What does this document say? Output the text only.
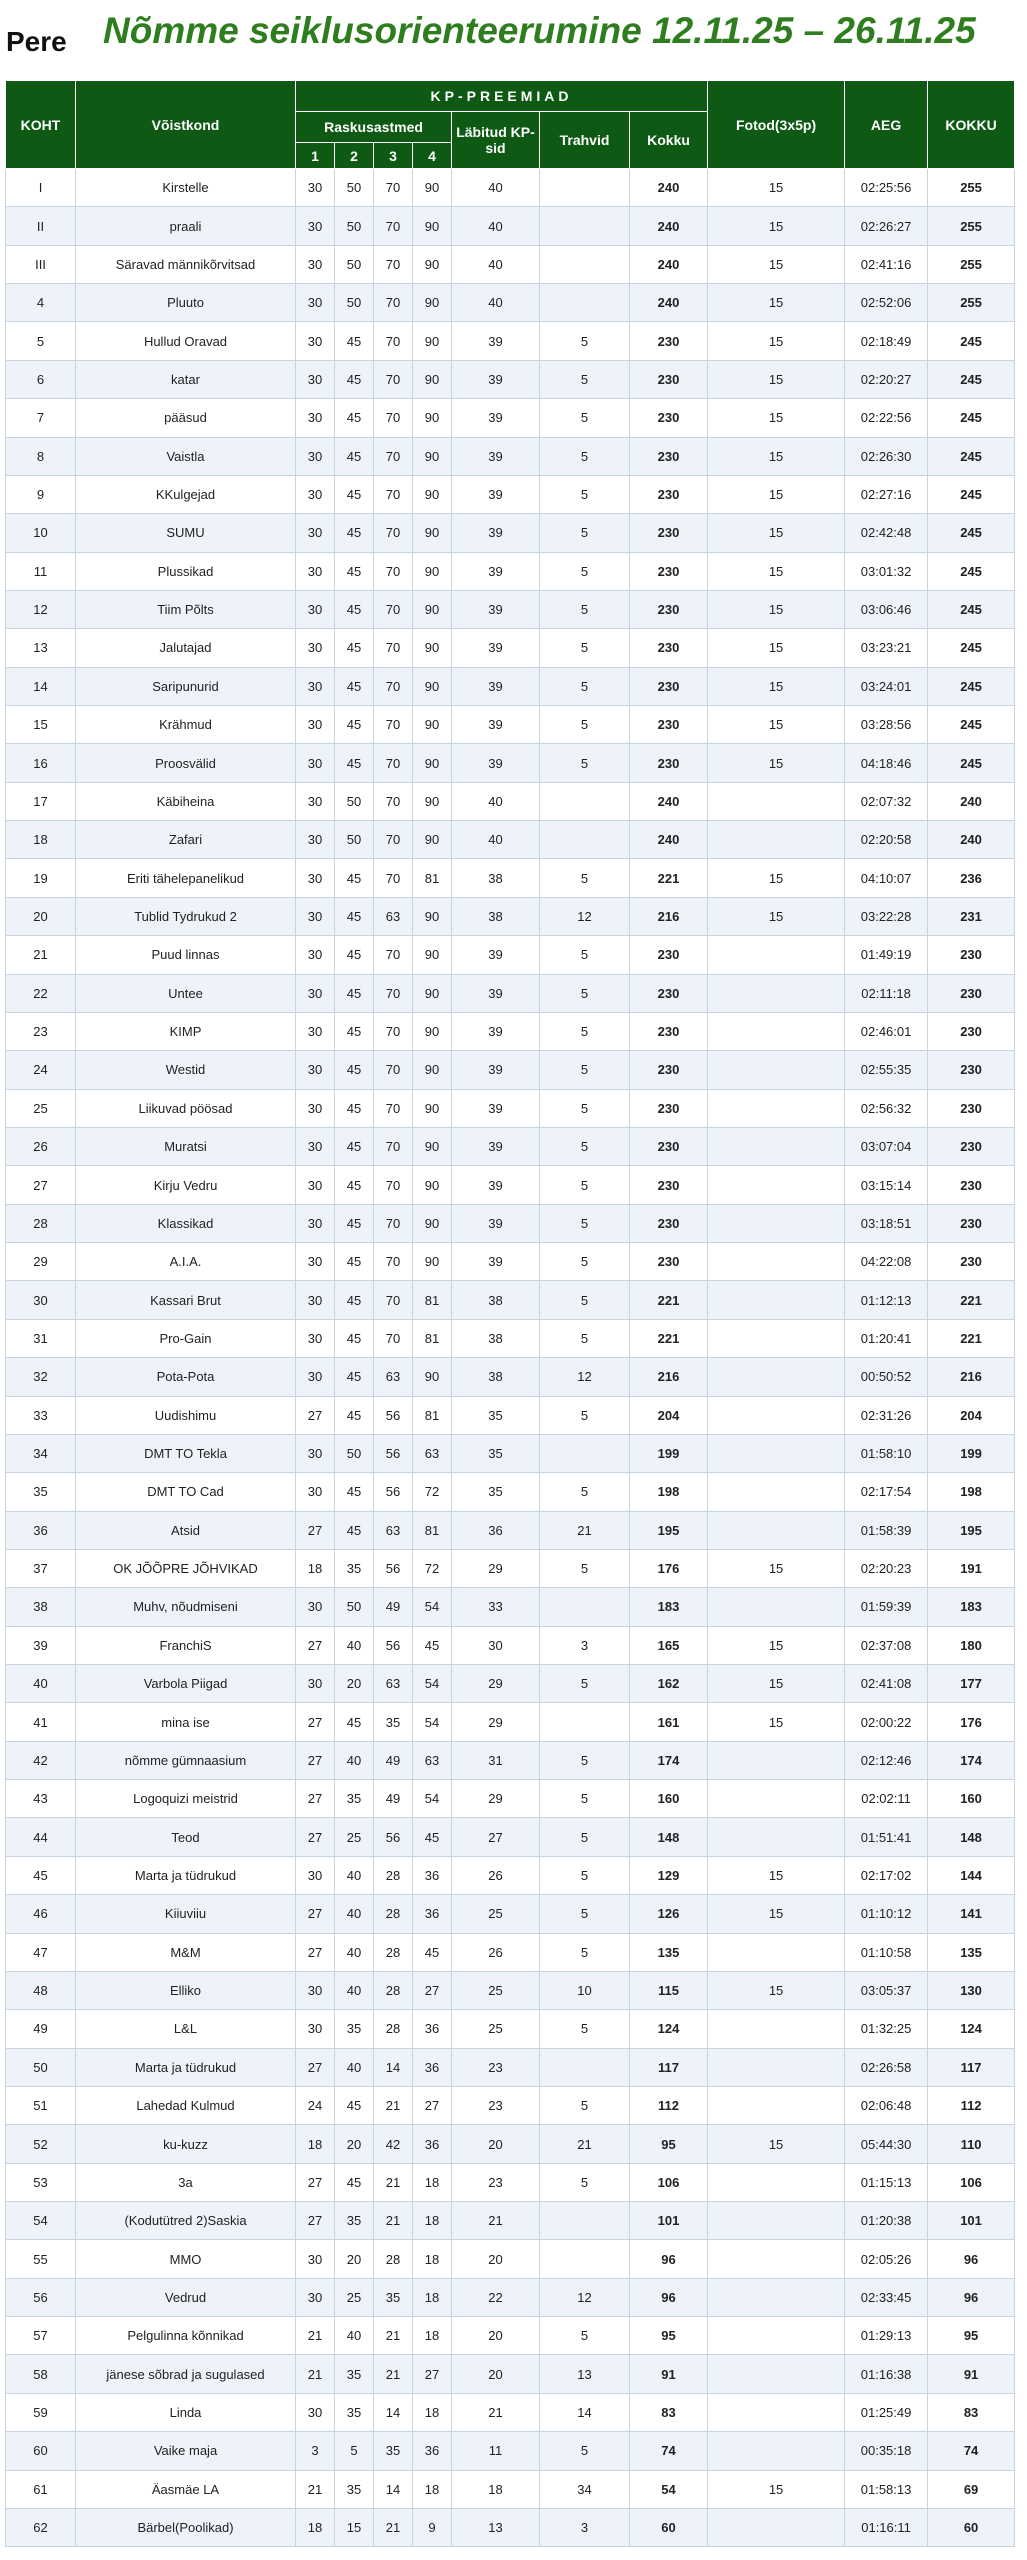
Pere Nõmme seiklusorienteerumine 12.11.25 – 26.11.25
KOHT	Võistkond	KP-PREEMIAD							Fotod(3x5p)	AEG	KOKKU
		Raskusastmed				Läbitud KP-sid	Trahvid	Kokku			
		1	2	3	4						
I	Kirstelle	30	50	70	90	40		240	15	02:25:56	255
II	praali	30	50	70	90	40		240	15	02:26:27	255
III	Säravad männikõrvitsad	30	50	70	90	40		240	15	02:41:16	255
4	Pluuto	30	50	70	90	40		240	15	02:52:06	255
5	Hullud Oravad	30	45	70	90	39	5	230	15	02:18:49	245
6	katar	30	45	70	90	39	5	230	15	02:20:27	245
7	pääsud	30	45	70	90	39	5	230	15	02:22:56	245
8	Vaistla	30	45	70	90	39	5	230	15	02:26:30	245
9	KKulgejad	30	45	70	90	39	5	230	15	02:27:16	245
10	SUMU	30	45	70	90	39	5	230	15	02:42:48	245
11	Plussikad	30	45	70	90	39	5	230	15	03:01:32	245
12	Tiim Põlts	30	45	70	90	39	5	230	15	03:06:46	245
13	Jalutajad	30	45	70	90	39	5	230	15	03:23:21	245
14	Saripunurid	30	45	70	90	39	5	230	15	03:24:01	245
15	Krähmud	30	45	70	90	39	5	230	15	03:28:56	245
16	Proosvälid	30	45	70	90	39	5	230	15	04:18:46	245
17	Käbiheina	30	50	70	90	40		240		02:07:32	240
18	Zafari	30	50	70	90	40		240		02:20:58	240
19	Eriti tähelepanelikud	30	45	70	81	38	5	221	15	04:10:07	236
20	Tublid Tydrukud 2	30	45	63	90	38	12	216	15	03:22:28	231
21	Puud linnas	30	45	70	90	39	5	230		01:49:19	230
22	Untee	30	45	70	90	39	5	230		02:11:18	230
23	KIMP	30	45	70	90	39	5	230		02:46:01	230
24	Westid	30	45	70	90	39	5	230		02:55:35	230
25	Liikuvad pöösad	30	45	70	90	39	5	230		02:56:32	230
26	Muratsi	30	45	70	90	39	5	230		03:07:04	230
27	Kirju Vedru	30	45	70	90	39	5	230		03:15:14	230
28	Klassikad	30	45	70	90	39	5	230		03:18:51	230
29	A.I.A.	30	45	70	90	39	5	230		04:22:08	230
30	Kassari Brut	30	45	70	81	38	5	221		01:12:13	221
31	Pro-Gain	30	45	70	81	38	5	221		01:20:41	221
32	Pota-Pota	30	45	63	90	38	12	216		00:50:52	216
33	Uudishimu	27	45	56	81	35	5	204		02:31:26	204
34	DMT TO Tekla	30	50	56	63	35		199		01:58:10	199
35	DMT TO Cad	30	45	56	72	35	5	198		02:17:54	198
36	Atsid	27	45	63	81	36	21	195		01:58:39	195
37	OK JÕÕPRE JÕHVIKAD	18	35	56	72	29	5	176	15	02:20:23	191
38	Muhv, nõudmiseni	30	50	49	54	33		183		01:59:39	183
39	FranchiS	27	40	56	45	30	3	165	15	02:37:08	180
40	Varbola Piigad	30	20	63	54	29	5	162	15	02:41:08	177
41	mina ise	27	45	35	54	29		161	15	02:00:22	176
42	nõmme gümnaasium	27	40	49	63	31	5	174		02:12:46	174
43	Logoquizi meistrid	27	35	49	54	29	5	160		02:02:11	160
44	Teod	27	25	56	45	27	5	148		01:51:41	148
45	Marta ja tüdrukud	30	40	28	36	26	5	129	15	02:17:02	144
46	Kiiuviiu	27	40	28	36	25	5	126	15	01:10:12	141
47	M&M	27	40	28	45	26	5	135		01:10:58	135
48	Elliko	30	40	28	27	25	10	115	15	03:05:37	130
49	L&L	30	35	28	36	25	5	124		01:32:25	124
50	Marta ja tüdrukud	27	40	14	36	23		117		02:26:58	117
51	Lahedad Kulmud	24	45	21	27	23	5	112		02:06:48	112
52	ku-kuzz	18	20	42	36	20	21	95	15	05:44:30	110
53	3a	27	45	21	18	23	5	106		01:15:13	106
54	(Kodutütred 2)Saskia	27	35	21	18	21		101		01:20:38	101
55	MMO	30	20	28	18	20		96		02:05:26	96
56	Vedrud	30	25	35	18	22	12	96		02:33:45	96
57	Pelgulinna kõnnikad	21	40	21	18	20	5	95		01:29:13	95
58	jänese sõbrad ja sugulased	21	35	21	27	20	13	91		01:16:38	91
59	Linda	30	35	14	18	21	14	83		01:25:49	83
60	Vaike maja	3	5	35	36	11	5	74		00:35:18	74
61	Äasmäe LA	21	35	14	18	18	34	54	15	01:58:13	69
62	Bärbel(Poolikad)	18	15	21	9	13	3	60		01:16:11	60
